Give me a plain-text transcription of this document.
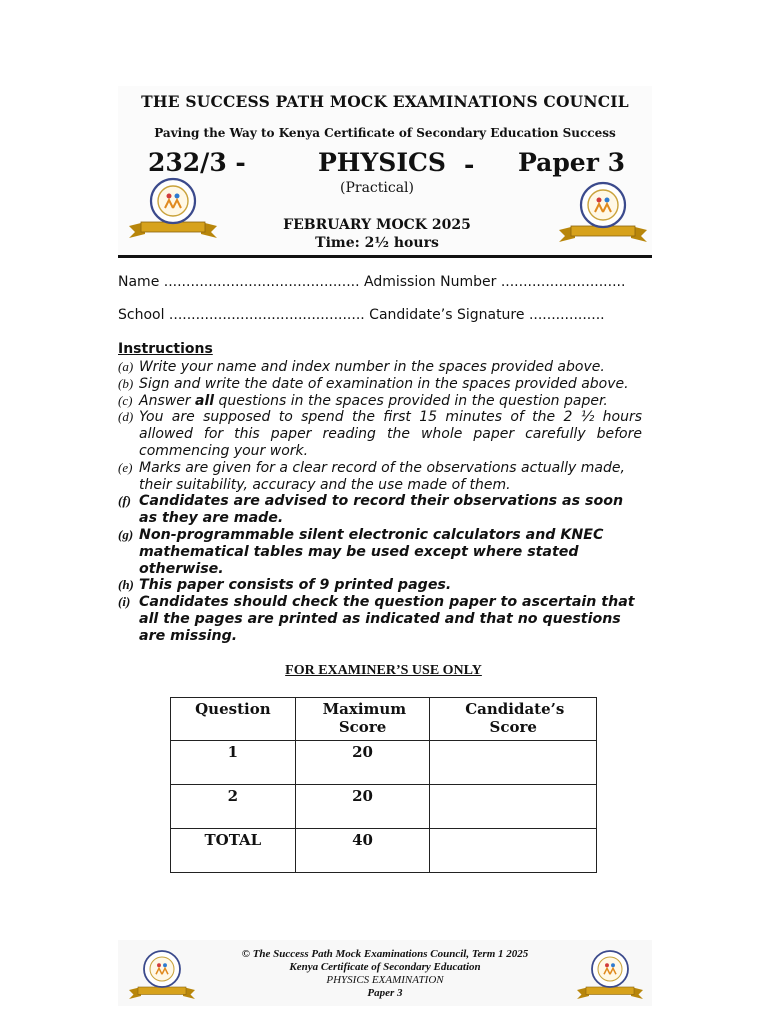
THE SUCCESS PATH MOCK EXAMINATIONS COUNCIL
Paving the Way to Kenya Certificate of Secondary Education Success
232/3 -	PHYSICS - Paper 3
(Practical)
FEBRUARY MOCK 2025
Time: 2½ hours
Name ............................................ Admission Number ............................
School ............................................ Candidate’s Signature .................
Instructions

(a) Write your name and index number in the spaces provided above.

(b) Sign and write the date of examination in the spaces provided above.

(c) Answer all questions in the spaces provided in the question paper.

(d) You are supposed to spend the first 15 minutes of the 2 ½ hours allowed for this paper reading the whole paper carefully before commencing your work.

(e) Marks are given for a clear record of the observations actually made, their suitability, accuracy and the use made of them.

(f) Candidates are advised to record their observations as soon as they are made.

(g) Non-programmable silent electronic calculators and KNEC mathematical tables may be used except where stated otherwise.

(h) This paper consists of 9 printed pages.

(i) Candidates should check the question paper to ascertain that all the pages are printed as indicated and that no questions are missing.

FOR EXAMINER’S USE ONLY
Question	Maximum Score	Candidate’s Score

1	20	
2	20	
TOTAL	40	
© The Success Path Mock Examinations Council, Term 1 2025
Kenya Certificate of Secondary Education
PHYSICS EXAMINATION
Paper 3
